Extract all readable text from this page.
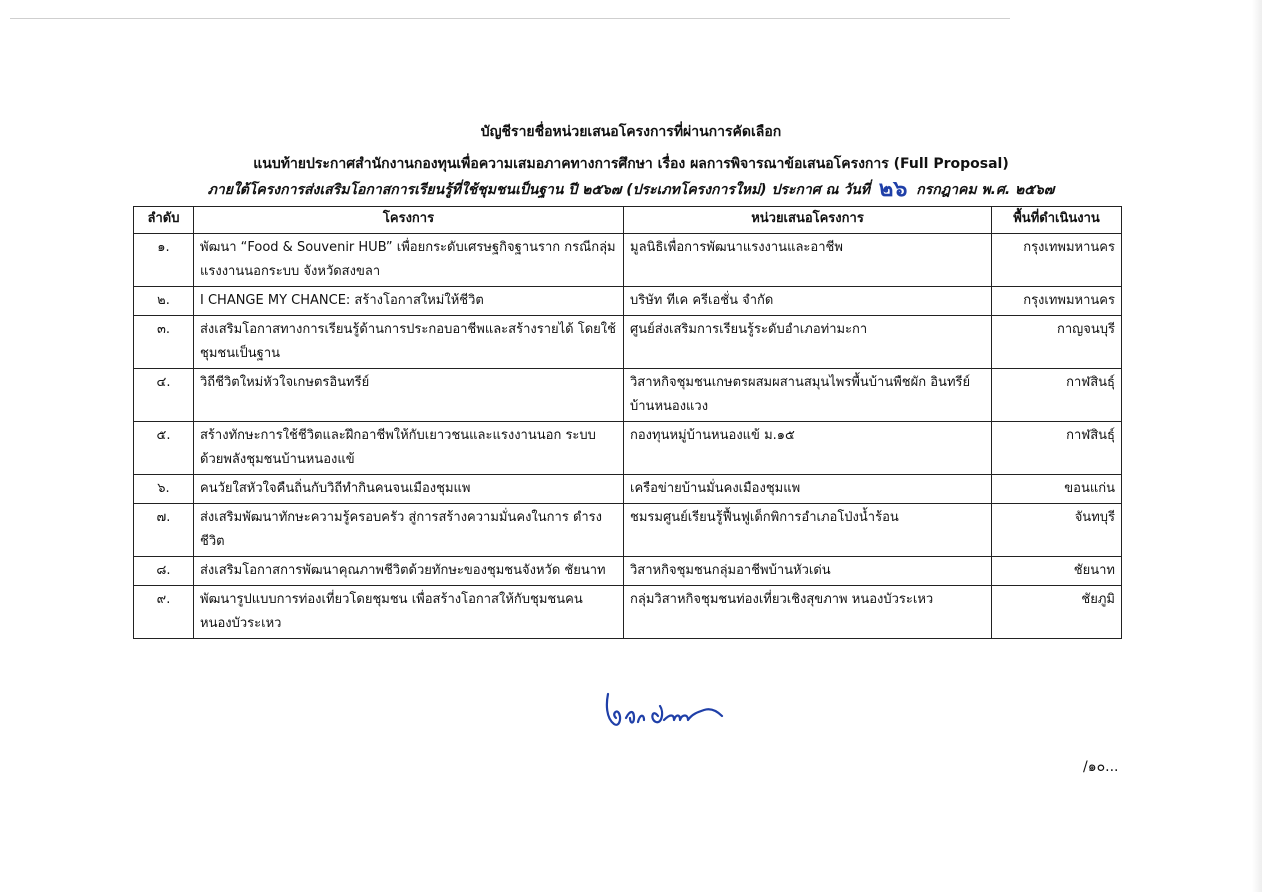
บัญชีรายชื่อหน่วยเสนอโครงการที่ผ่านการคัดเลือก
แนบท้ายประกาศสำนักงานกองทุนเพื่อความเสมอภาคทางการศึกษา เรื่อง ผลการพิจารณาข้อเสนอโครงการ (Full Proposal)
ภายใต้โครงการส่งเสริมโอกาสการเรียนรู้ที่ใช้ชุมชนเป็นฐาน ปี ๒๕๖๗ (ประเภทโครงการใหม่) ประกาศ ณ วันที่ ๒๖ กรกฎาคม พ.ศ. ๒๕๖๗
ลำดับ	โครงการ	หน่วยเสนอโครงการ	พื้นที่ดำเนินงาน
๑.	พัฒนา “Food & Souvenir HUB” เพื่อยกระดับเศรษฐกิจฐานราก กรณีกลุ่มแรงงานนอกระบบ จังหวัดสงขลา	มูลนิธิเพื่อการพัฒนาแรงงานและอาชีพ	กรุงเทพมหานคร
๒.	I CHANGE MY CHANCE: สร้างโอกาสใหม่ให้ชีวิต	บริษัท ทีเค ครีเอชั่น จำกัด	กรุงเทพมหานคร
๓.	ส่งเสริมโอกาสทางการเรียนรู้ด้านการประกอบอาชีพและสร้างรายได้ โดยใช้ชุมชนเป็นฐาน	ศูนย์ส่งเสริมการเรียนรู้ระดับอำเภอท่ามะกา	กาญจนบุรี
๔.	วิถีชีวิตใหม่หัวใจเกษตรอินทรีย์	วิสาหกิจชุมชนเกษตรผสมผสานสมุนไพรพื้นบ้านพืชผัก อินทรีย์บ้านหนองแวง	กาฬสินธุ์
๕.	สร้างทักษะการใช้ชีวิตและฝึกอาชีพให้กับเยาวชนและแรงงานนอก ระบบด้วยพลังชุมชนบ้านหนองแข้	กองทุนหมู่บ้านหนองแข้ ม.๑๕	กาฬสินธุ์
๖.	คนวัยใสหัวใจคืนถิ่นกับวิถีทำกินคนจนเมืองชุมแพ	เครือข่ายบ้านมั่นคงเมืองชุมแพ	ขอนแก่น
๗.	ส่งเสริมพัฒนาทักษะความรู้ครอบครัว สู่การสร้างความมั่นคงในการ ดำรงชีวิต	ชมรมศูนย์เรียนรู้ฟื้นฟูเด็กพิการอำเภอโป่งน้ำร้อน	จันทบุรี
๘.	ส่งเสริมโอกาสการพัฒนาคุณภาพชีวิตด้วยทักษะของชุมชนจังหวัด ชัยนาท	วิสาหกิจชุมชนกลุ่มอาชีพบ้านหัวเด่น	ชัยนาท
๙.	พัฒนารูปแบบการท่องเที่ยวโดยชุมชน เพื่อสร้างโอกาสให้กับชุมชนคน หนองบัวระเหว	กลุ่มวิสาหกิจชุมชนท่องเที่ยวเชิงสุขภาพ หนองบัวระเหว	ชัยภูมิ
/๑๐...
